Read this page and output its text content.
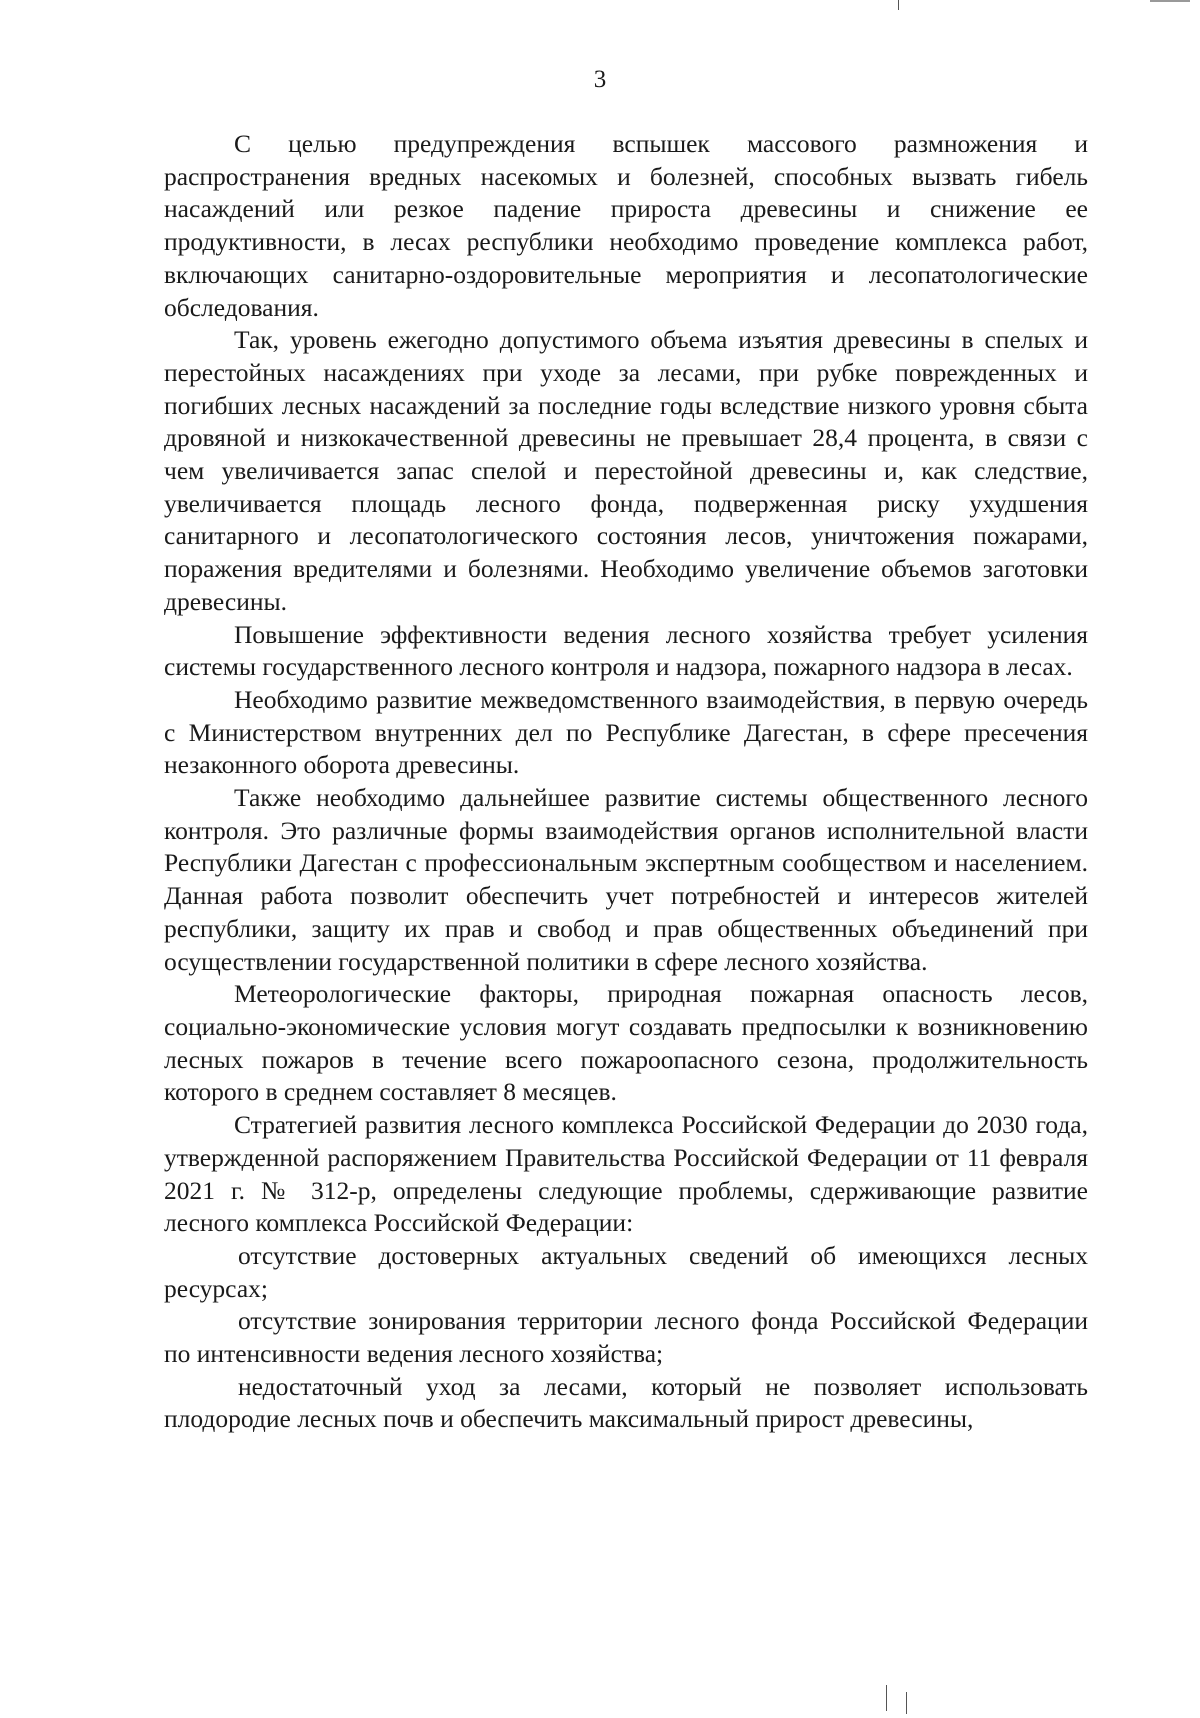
3

С целью предупреждения вспышек массового размножения и распространения вредных насекомых и болезней, способных вызвать гибель насаждений или резкое падение прироста древесины и снижение ее продуктивности, в лесах республики необходимо проведение комплекса работ, включающих санитарно-оздоровительные мероприятия и лесопатологические обследования.

Так, уровень ежегодно допустимого объема изъятия древесины в спелых и перестойных насаждениях при уходе за лесами, при рубке поврежденных и погибших лесных насаждений за последние годы вследствие низкого уровня сбыта дровяной и низкокачественной древесины не превышает 28,4 процента, в связи с чем увеличивается запас спелой и перестойной древесины и, как следствие, увеличивается площадь лесного фонда, подверженная риску ухудшения санитарного и лесопатологического состояния лесов, уничтожения пожарами, поражения вредителями и болезнями. Необходимо увеличение объемов заготовки древесины.

Повышение эффективности ведения лесного хозяйства требует усиления системы государственного лесного контроля и надзора, пожарного надзора в лесах.

Необходимо развитие межведомственного взаимодействия, в первую очередь с Министерством внутренних дел по Республике Дагестан, в сфере пресечения незаконного оборота древесины.

Также необходимо дальнейшее развитие системы общественного лесного контроля. Это различные формы взаимодействия органов исполнительной власти Республики Дагестан с профессиональным экспертным сообществом и населением. Данная работа позволит обеспечить учет потребностей и интересов жителей республики, защиту их прав и свобод и прав общественных объединений при осуществлении государственной политики в сфере лесного хозяйства.

Метеорологические факторы, природная пожарная опасность лесов, социально-экономические условия могут создавать предпосылки к возникновению лесных пожаров в течение всего пожароопасного сезона, продолжительность которого в среднем составляет 8 месяцев.

Стратегией развития лесного комплекса Российской Федерации до 2030 года, утвержденной распоряжением Правительства Российской Федерации от 11 февраля 2021 г. № 312-р, определены следующие проблемы, сдерживающие развитие лесного комплекса Российской Федерации:

отсутствие достоверных актуальных сведений об имеющихся лесных ресурсах;

отсутствие зонирования территории лесного фонда Российской Федерации по интенсивности ведения лесного хозяйства;

недостаточный уход за лесами, который не позволяет использовать плодородие лесных почв и обеспечить максимальный прирост древесины,
